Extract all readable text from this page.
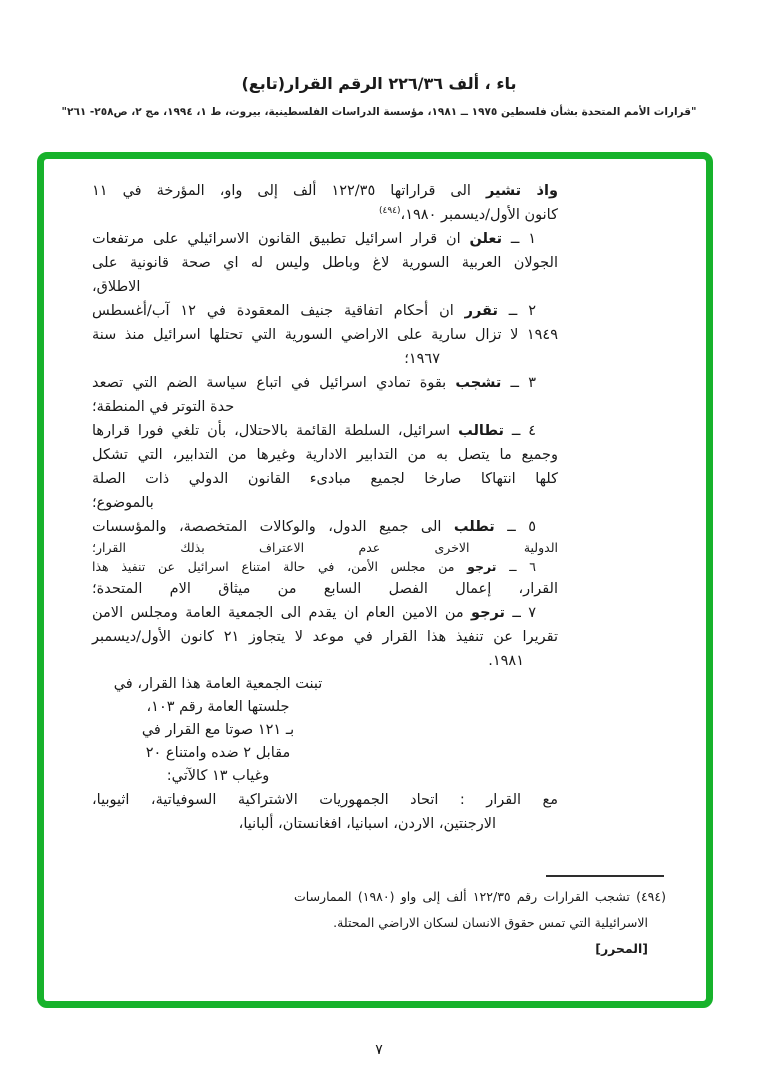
باء ، ألف ٢٢٦/٣٦ الرقم القرار(تابع)
"قرارات الأمم المتحدة بشأن فلسطين ١٩٧٥ ــ ١٩٨١، مؤسسة الدراسات الفلسطينية، بيروت، ط ١، ١٩٩٤، مج ٢، ص٢٥٨- ٢٦١"
واذ تشير الى قراراتها ١٢٢/٣٥ ألف إلى واو، المؤرخة في ١١
كانون الأول/ديسمبر ١٩٨٠،$^{(٤٩٤)}$
١ ــ تعلن ان قرار اسرائيل تطبيق القانون الاسرائيلي على مرتفعات
الجولان العربية السورية لاغ وباطل وليس له اي صحة قانونية على
الاطلاق،
٢ ــ تقرر ان أحكام اتفاقية جنيف المعقودة في ١٢ آب/أغسطس
١٩٤٩ لا تزال سارية على الاراضي السورية التي تحتلها اسرائيل منذ سنة
١٩٦٧؛
٣ ــ تشجب بقوة تمادي اسرائيل في اتباع سياسة الضم التي تصعد
حدة التوتر في المنطقة؛
٤ ــ تطالب اسرائيل، السلطة القائمة بالاحتلال، بأن تلغي فورا قرارها
وجميع ما يتصل به من التدابير الادارية وغيرها من التدابير، التي تشكل
كلها انتهاكا صارخا لجميع مبادىء القانون الدولي ذات الصلة
بالموضوع؛
٥ ــ تطلب الى جميع الدول، والوكالات المتخصصة، والمؤسسات
الدولية الاخرى عدم الاعتراف بذلك القرار؛
٦ ــ ترجو من مجلس الأمن، في حالة امتناع اسرائيل عن تنفيذ هذا
القرار، إعمال الفصل السابع من ميثاق الام المتحدة؛
٧ ــ ترجو من الامين العام ان يقدم الى الجمعية العامة ومجلس الامن
تقريرا عن تنفيذ هذا القرار في موعد لا يتجاوز ٢١ كانون الأول/ديسمبر
١٩٨١.
تبنت الجمعية العامة هذا القرار، في
جلستها العامة رقم ١٠٣،
بـ ١٢١ صوتا مع القرار في
مقابل ٢ ضده وامتناع ٢٠
وغياب ١٣ كالآتي:
مع القرار : اتحاد الجمهوريات الاشتراكية السوفياتية، اثيوبيا،
الارجنتين، الاردن، اسبانيا، افغانستان، ألبانيا،
(٤٩٤) تشجب القرارات رقم ١٢٢/٣٥ ألف إلى واو (١٩٨٠) الممارسات
الاسرائيلية التي تمس حقوق الانسان لسكان الاراضي المحتلة. [المحرر]
٧
